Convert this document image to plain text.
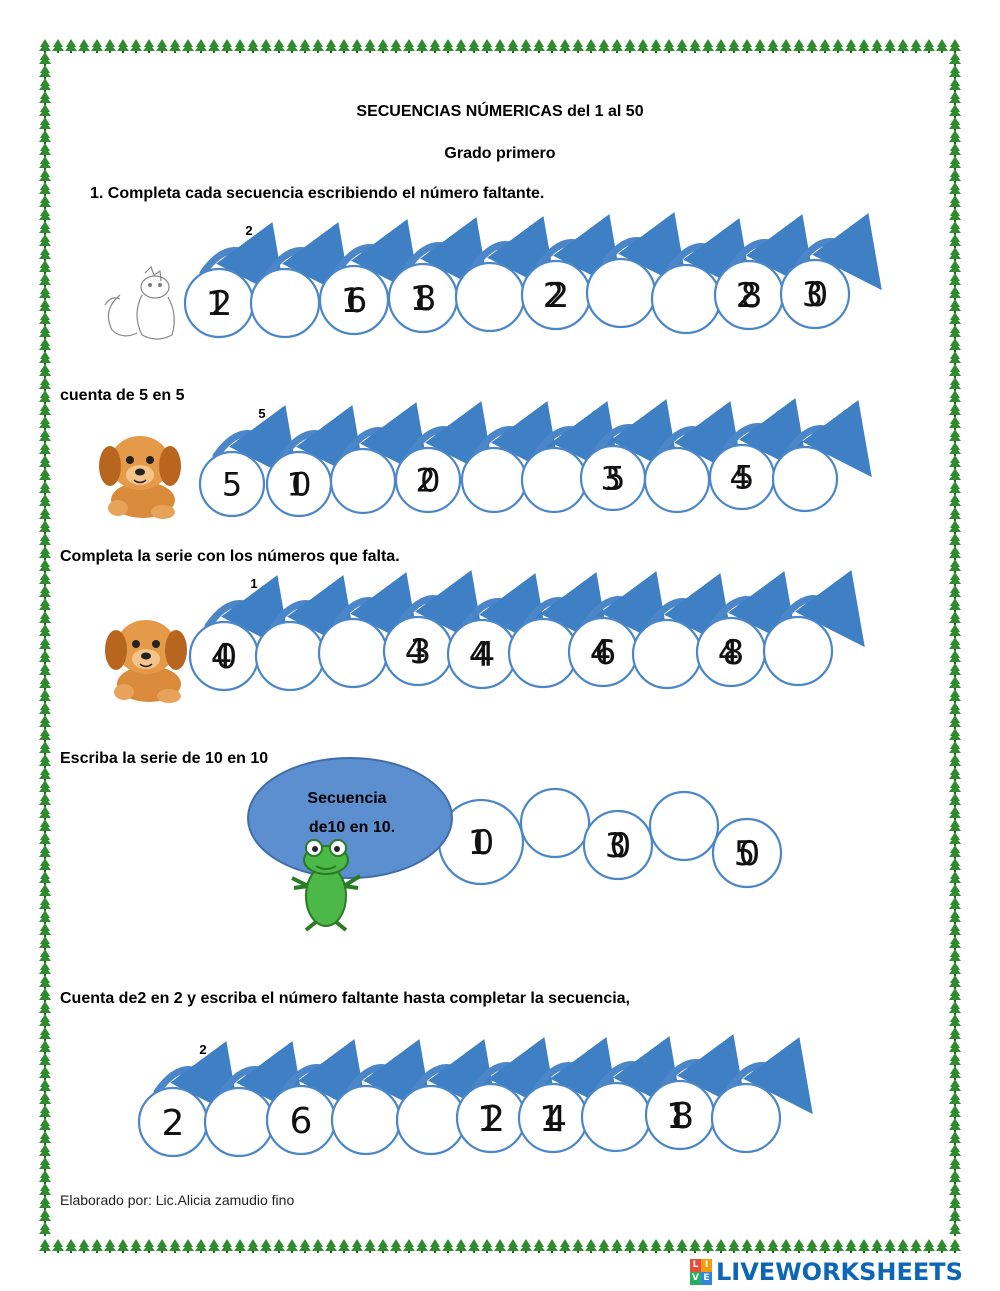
SECUENCIAS NÚMERICAS del 1 al 50
Grado primero
1. Completa cada secuencia escribiendo el número faltante.
cuenta de 5 en 5
Completa la serie con los números que falta.
Escriba la serie de 10 en 10
Cuenta de2 en 2 y escriba el número faltante hasta completar la secuencia,
2
12	16 18	22	28 30
5
5 10	20	35	45
1
40	43 44	46	48
10	30	50
2
2	6	12 14	18
Secuencia
de10 en 10.
Elaborado por: Lic.Alicia zamudio fino
L I
V E LIVEWORKSHEETS
